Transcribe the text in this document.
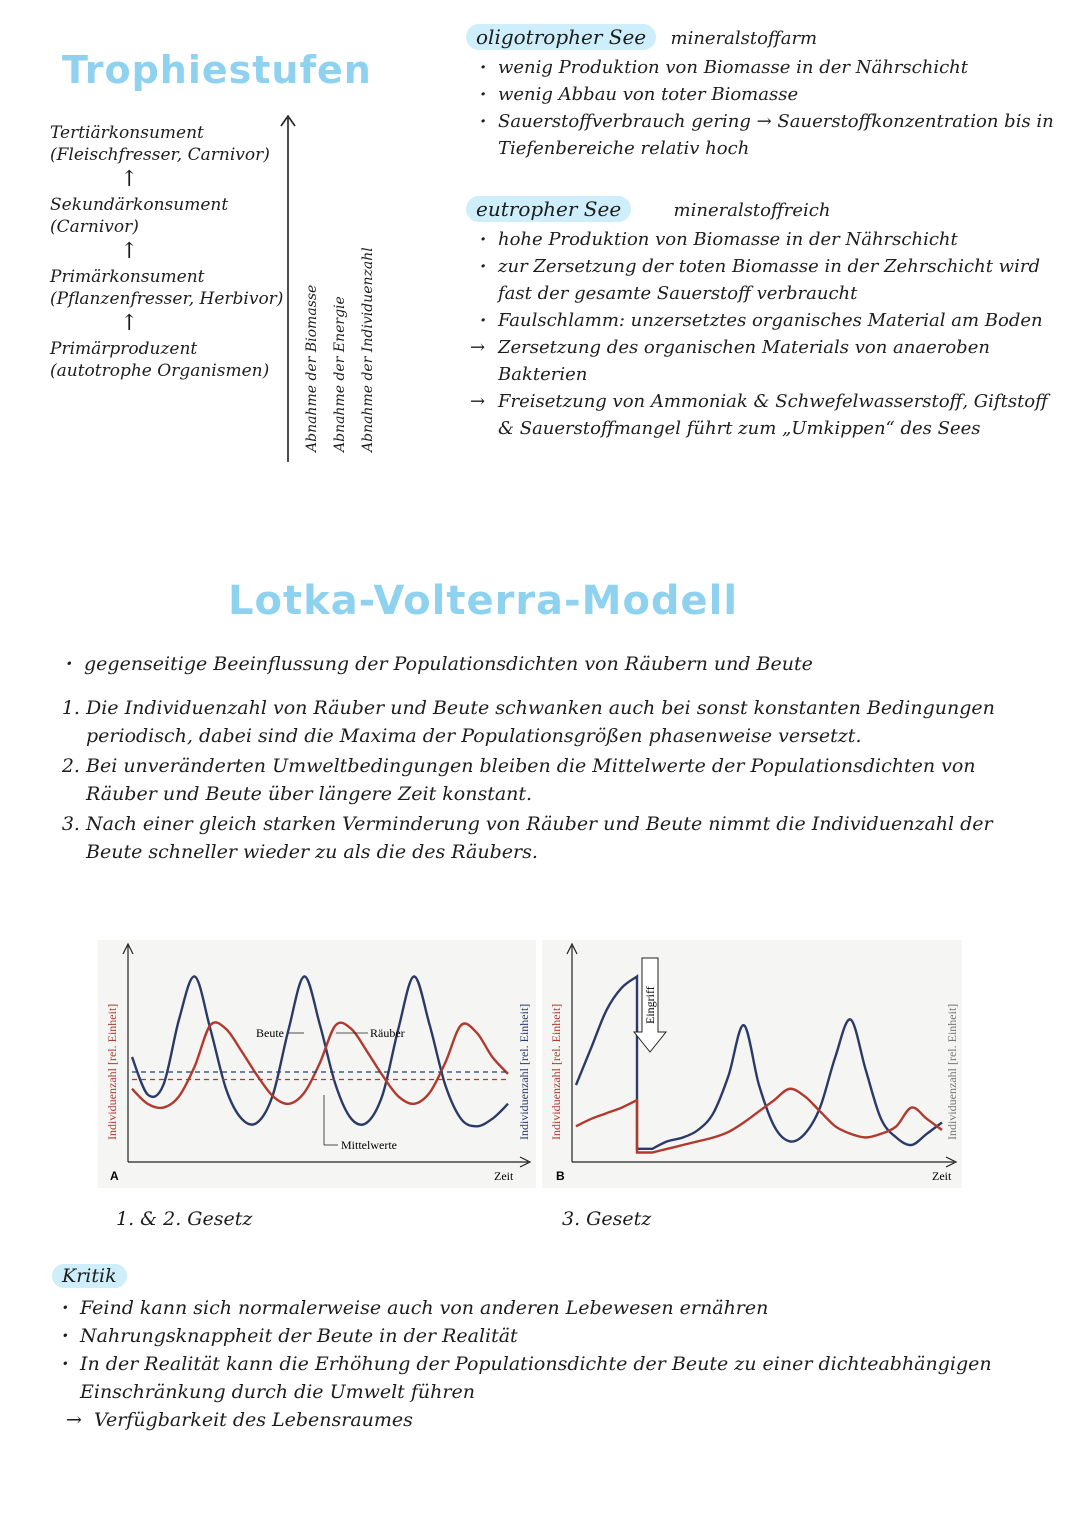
Trophiestufen
Tertiärkonsument
(Fleischfresser, Carnivor)
↑
Sekundärkonsument
(Carnivor)
↑
Primärkonsument
(Pflanzenfresser, Herbivor)
↑
Primärproduzent
(autotrophe Organismen)	Abnahme der Biomasse Abnahme der Energie Abnahme der Individuenzahl
oligotropher See mineralstoffarm
· wenig Produktion von Biomasse in der Nährschicht
· wenig Abbau von toter Biomasse
· Sauerstoffverbrauch gering → Sauerstoffkonzentration bis in Tiefenbereiche relativ hoch
eutropher See	mineralstoffreich
· hohe Produktion von Biomasse in der Nährschicht
· zur Zersetzung der toten Biomasse in der Zehrschicht wird fast der gesamte Sauerstoff verbraucht
· Faulschlamm: unzersetztes organisches Material am Boden
→ Zersetzung des organischen Materials von anaeroben Bakterien
→ Freisetzung von Ammoniak & Schwefelwasserstoff, Giftstoff & Sauerstoffmangel führt zum „Umkippen“ des Sees
Lotka-Volterra-Modell
· gegenseitige Beeinflussung der Populationsdichten von Räubern und Beute
1. Die Individuenzahl von Räuber und Beute schwanken auch bei sonst konstanten Bedingungen periodisch, dabei sind die Maxima der Populationsgrößen phasenweise versetzt.
2. Bei unveränderten Umweltbedingungen bleiben die Mittelwerte der Populationsdichten von Räuber und Beute über längere Zeit konstant.
3. Nach einer gleich starken Verminderung von Räuber und Beute nimmt die Individuenzahl der Beute schneller wieder zu als die des Räubers.
A	Zeit
Individuenzahl [rel. Einheit]	Individuenzahl [rel. Einheit]
Beute	Räuber
Mittelwerte
1. & 2. Gesetz
B	Zeit
Individuenzahl [rel. Einheit]	Individuenzahl [rel. Einheit]
Eingriff
3. Gesetz
Kritik
· Feind kann sich normalerweise auch von anderen Lebewesen ernähren
· Nahrungsknappheit der Beute in der Realität
· In der Realität kann die Erhöhung der Populationsdichte der Beute zu einer dichteabhängigen Einschränkung durch die Umwelt führen
→ Verfügbarkeit des Lebensraumes
